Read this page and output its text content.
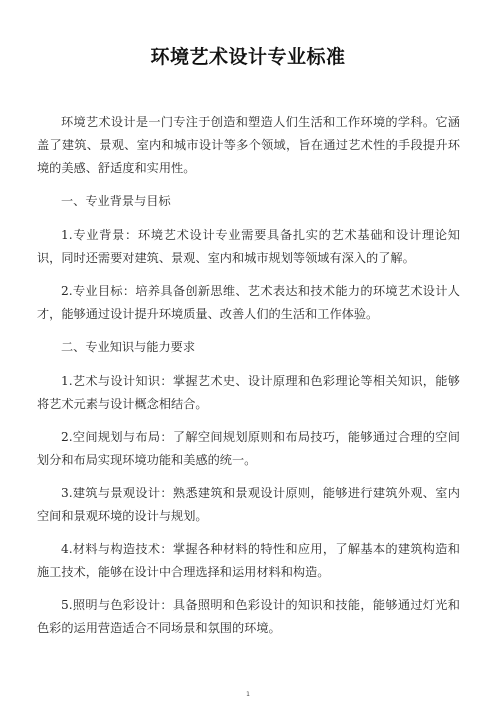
环境艺术设计专业标准

环境艺术设计是一门专注于创造和塑造人们生活和工作环境的学科。它涵盖了建筑、景观、室内和城市设计等多个领域，旨在通过艺术性的手段提升环境的美感、舒适度和实用性。

一、专业背景与目标

1.专业背景：环境艺术设计专业需要具备扎实的艺术基础和设计理论知识，同时还需要对建筑、景观、室内和城市规划等领域有深入的了解。

2.专业目标：培养具备创新思维、艺术表达和技术能力的环境艺术设计人才，能够通过设计提升环境质量、改善人们的生活和工作体验。

二、专业知识与能力要求

1.艺术与设计知识：掌握艺术史、设计原理和色彩理论等相关知识，能够将艺术元素与设计概念相结合。

2.空间规划与布局：了解空间规划原则和布局技巧，能够通过合理的空间划分和布局实现环境功能和美感的统一。

3.建筑与景观设计：熟悉建筑和景观设计原则，能够进行建筑外观、室内空间和景观环境的设计与规划。

4.材料与构造技术：掌握各种材料的特性和应用，了解基本的建筑构造和施工技术，能够在设计中合理选择和运用材料和构造。

5.照明与色彩设计：具备照明和色彩设计的知识和技能，能够通过灯光和色彩的运用营造适合不同场景和氛围的环境。

1
